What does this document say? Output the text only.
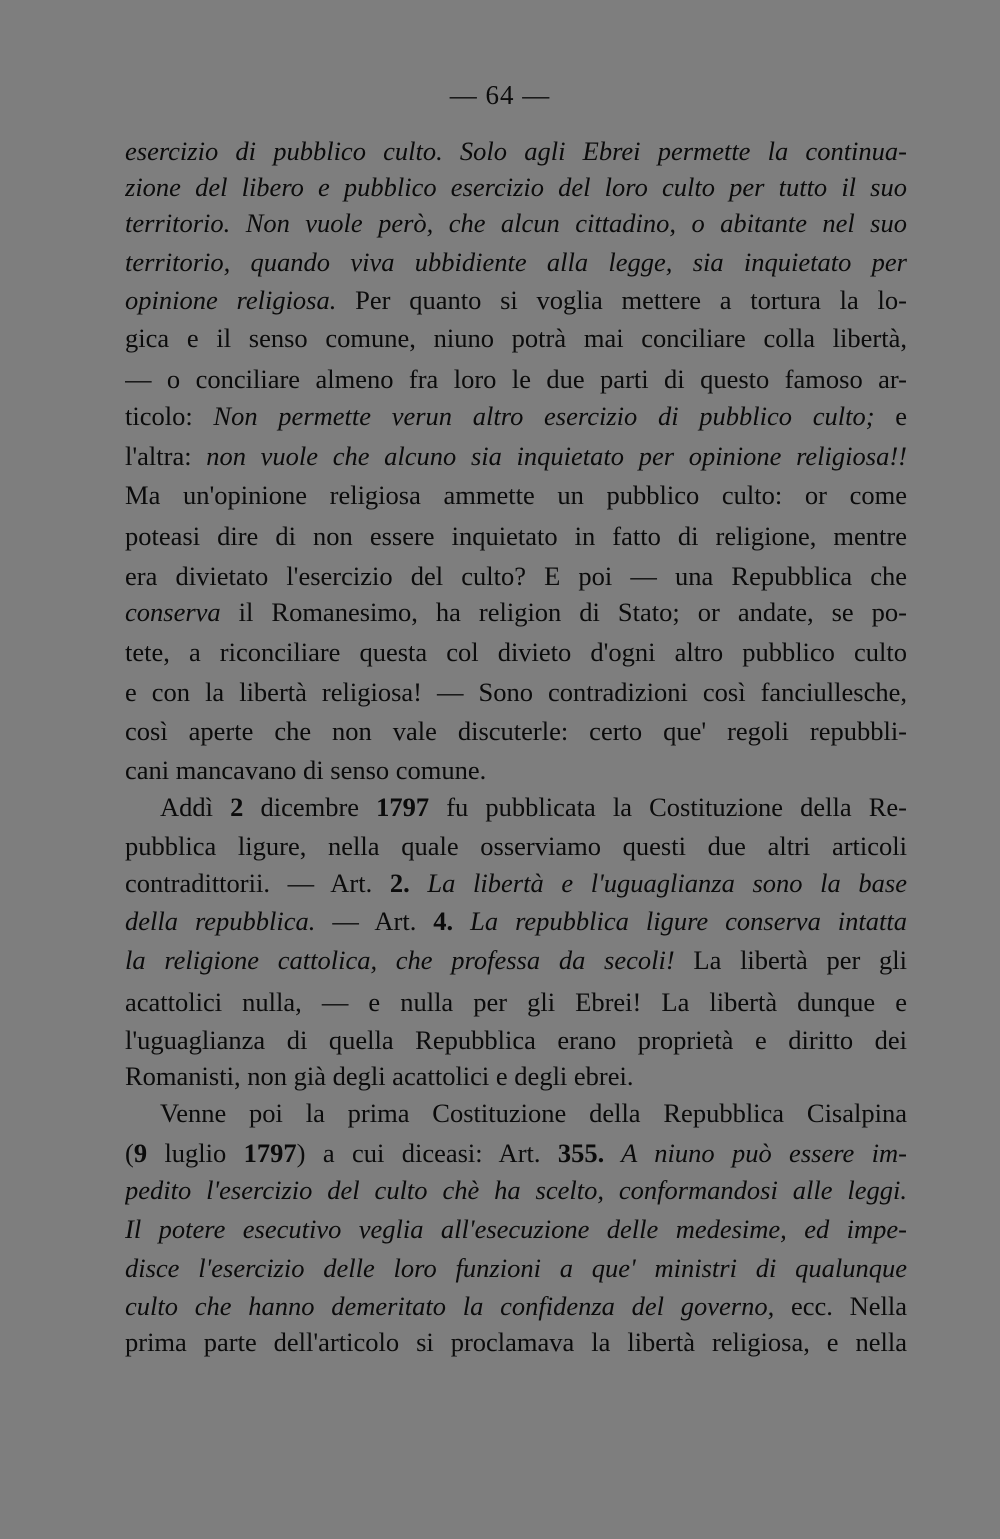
— 64 —
esercizio di pubblico culto. Solo agli Ebrei permette la continua-
zione del libero e pubblico esercizio del loro culto per tutto il suo
territorio. Non vuole però, che alcun cittadino, o abitante nel suo
territorio, quando viva ubbidiente alla legge, sia inquietato per
opinione religiosa. Per quanto si voglia mettere a tortura la lo-
gica e il senso comune, niuno potrà mai conciliare colla libertà,
— o conciliare almeno fra loro le due parti di questo famoso ar-
ticolo: Non permette verun altro esercizio di pubblico culto; e
l'altra: non vuole che alcuno sia inquietato per opinione religiosa!!
Ma un'opinione religiosa ammette un pubblico culto: or come
poteasi dire di non essere inquietato in fatto di religione, mentre
era divietato l'esercizio del culto? E poi — una Repubblica che
conserva il Romanesimo, ha religion di Stato; or andate, se po-
tete, a riconciliare questa col divieto d'ogni altro pubblico culto
e con la libertà religiosa! — Sono contradizioni così fanciullesche,
così aperte che non vale discuterle: certo que' regoli repubbli-
cani mancavano di senso comune.
Addì 2 dicembre 1797 fu pubblicata la Costituzione della Re-
pubblica ligure, nella quale osserviamo questi due altri articoli
contradittorii. — Art. 2. La libertà e l'uguaglianza sono la base
della repubblica. — Art. 4. La repubblica ligure conserva intatta
la religione cattolica, che professa da secoli! La libertà per gli
acattolici nulla, — e nulla per gli Ebrei! La libertà dunque e
l'uguaglianza di quella Repubblica erano proprietà e diritto dei
Romanisti, non già degli acattolici e degli ebrei.
Venne poi la prima Costituzione della Repubblica Cisalpina
(9 luglio 1797) a cui diceasi: Art. 355. A niuno può essere im-
pedito l'esercizio del culto chè ha scelto, conformandosi alle leggi.
Il potere esecutivo veglia all'esecuzione delle medesime, ed impe-
disce l'esercizio delle loro funzioni a que' ministri di qualunque
culto che hanno demeritato la confidenza del governo, ecc. Nella
prima parte dell'articolo si proclamava la libertà religiosa, e nella
